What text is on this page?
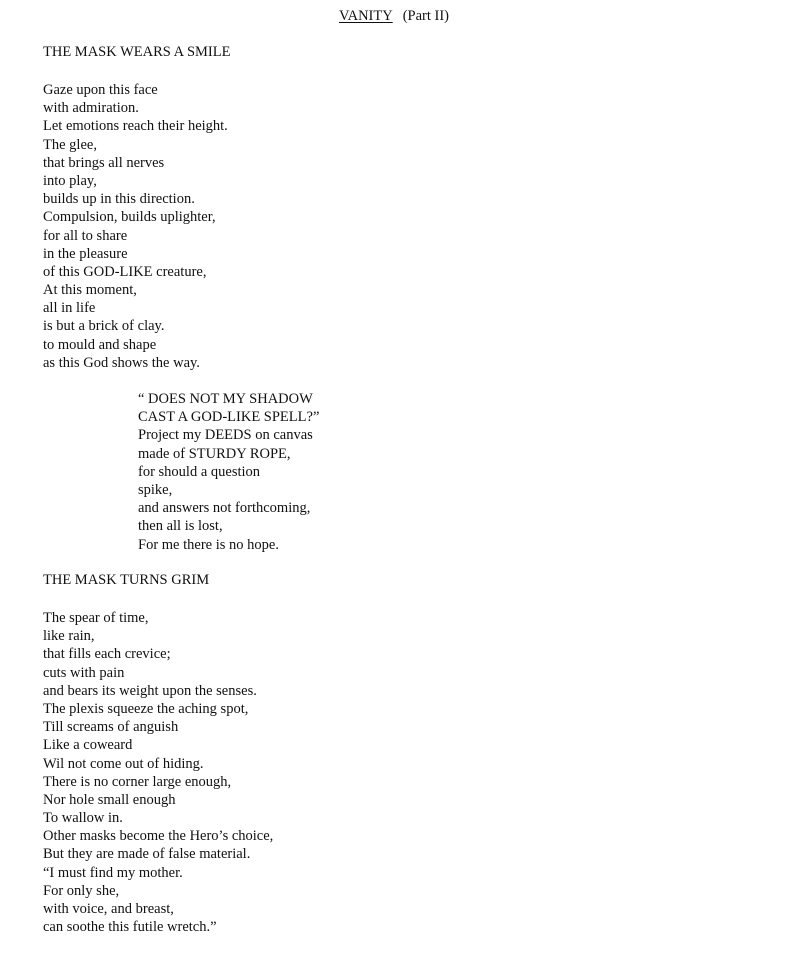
VANITY (Part II)
THE MASK WEARS A SMILE
Gaze upon this face
with admiration.
Let emotions reach their height.
The glee,
that brings all nerves
into play,
builds up in this direction.
Compulsion, builds uplighter,
for all to share
in the pleasure
of this GOD-LIKE creature,
At this moment,
all in life
is but a brick of clay.
to mould and shape
as this God shows the way.
“ DOES NOT MY SHADOW
CAST A GOD-LIKE SPELL?”
Project my DEEDS on canvas
made of STURDY ROPE,
for should a question
spike,
and answers not forthcoming,
then all is lost,
For me there is no hope.
THE MASK TURNS GRIM
The spear of time,
like rain,
that fills each crevice;
cuts with pain
and bears its weight upon the senses.
The plexis squeeze the aching spot,
Till screams of anguish
Like a coweard
Wil not come out of hiding.
There is no corner large enough,
Nor hole small enough
To wallow in.
Other masks become the Hero’s choice,
But they are made of false material.
“I must find my mother.
For only she,
with voice, and breast,
can soothe this futile wretch.”
